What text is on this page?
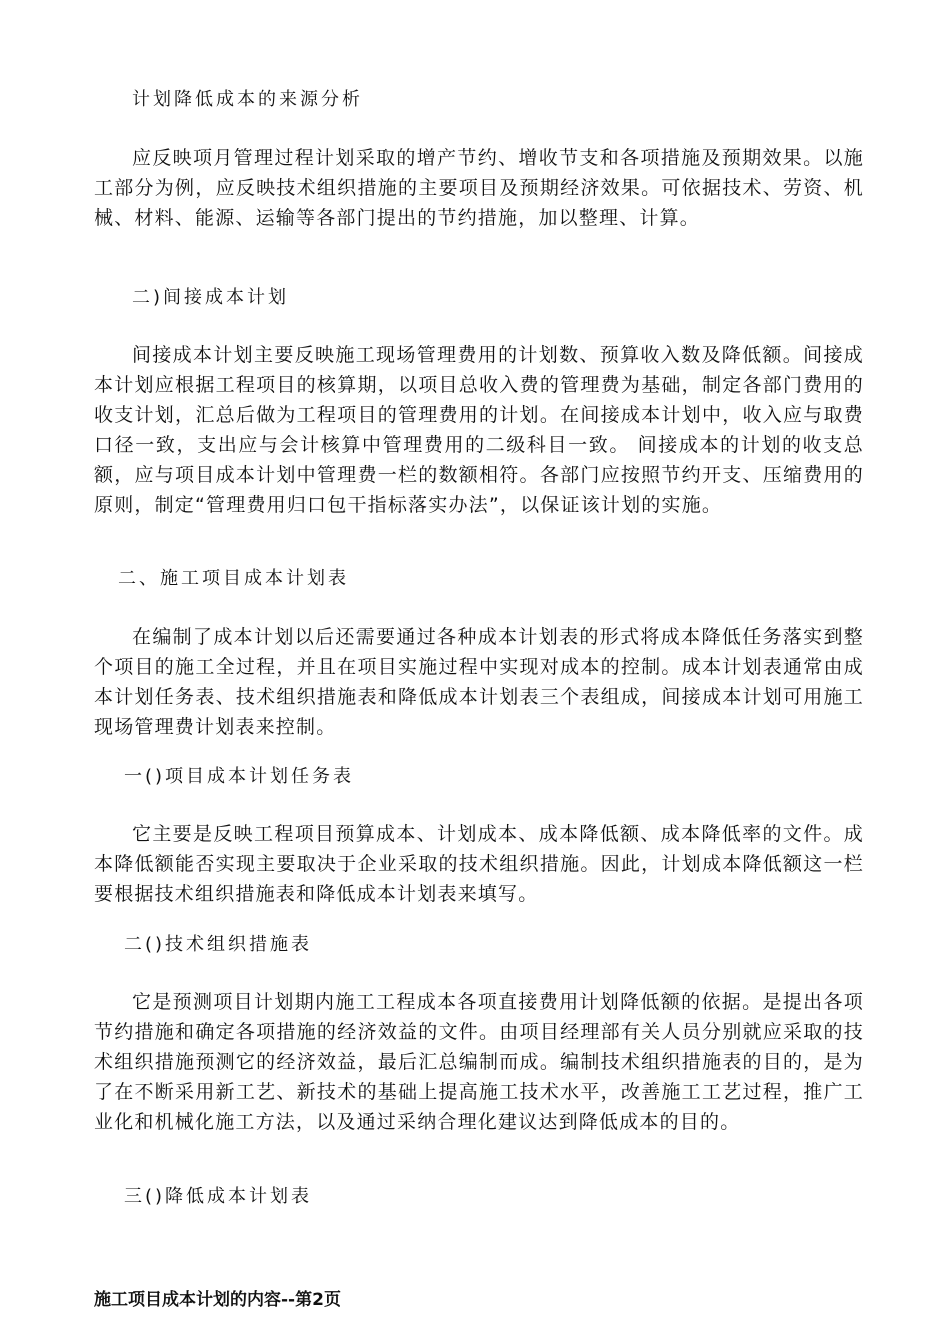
计划降低成本的来源分析
应反映项月管理过程计划采取的增产节约、增收节支和各项措施及预期效果。以施工部分为例，应反映技术组织措施的主要项目及预期经济效果。可依据技术、劳资、机械、材料、能源、运输等各部门提出的节约措施，加以整理、计算。
二)间接成本计划
间接成本计划主要反映施工现场管理费用的计划数、预算收入数及降低额。间接成本计划应根据工程项目的核算期，以项目总收入费的管理费为基础，制定各部门费用的收支计划，汇总后做为工程项目的管理费用的计划。在间接成本计划中，收入应与取费口径一致，支出应与会计核算中管理费用的二级科目一致。 间接成本的计划的收支总额，应与项目成本计划中管理费一栏的数额相符。各部门应按照节约开支、压缩费用的原则，制定“管理费用归口包干指标落实办法”，以保证该计划的实施。
二、施工项目成本计划表
在编制了成本计划以后还需要通过各种成本计划表的形式将成本降低任务落实到整个项目的施工全过程，并且在项目实施过程中实现对成本的控制。成本计划表通常由成本计划任务表、技术组织措施表和降低成本计划表三个表组成，间接成本计划可用施工现场管理费计划表来控制。
一()项目成本计划任务表
它主要是反映工程项目预算成本、计划成本、成本降低额、成本降低率的文件。成本降低额能否实现主要取决于企业采取的技术组织措施。因此，计划成本降低额这一栏要根据技术组织措施表和降低成本计划表来填写。
二()技术组织措施表
它是预测项目计划期内施工工程成本各项直接费用计划降低额的依据。是提出各项节约措施和确定各项措施的经济效益的文件。由项目经理部有关人员分别就应采取的技术组织措施预测它的经济效益，最后汇总编制而成。编制技术组织措施表的目的，是为了在不断采用新工艺、新技术的基础上提高施工技术水平，改善施工工艺过程，推广工业化和机械化施工方法，以及通过采纳合理化建议达到降低成本的目的。
三()降低成本计划表
施工项目成本计划的内容--第2页
